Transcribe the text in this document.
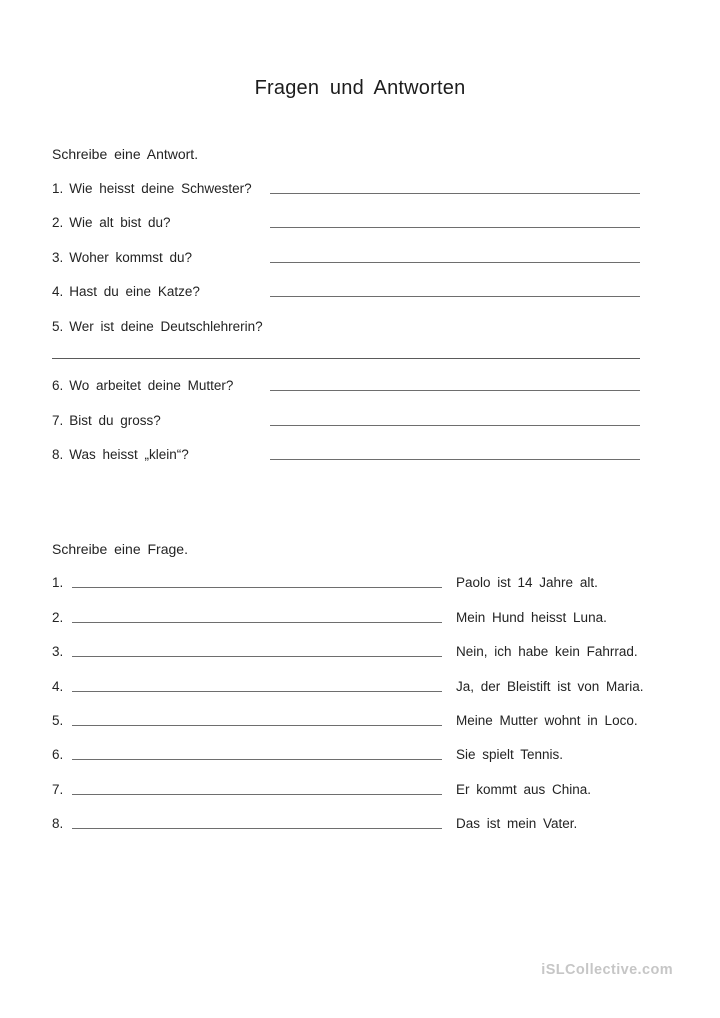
Fragen und Antworten
Schreibe eine Antwort.
1. Wie heisst deine Schwester?
2. Wie alt bist du?
3. Woher kommst du?
4. Hast du eine Katze?
5. Wer ist deine Deutschlehrerin?
6. Wo arbeitet deine Mutter?
7. Bist du gross?
8. Was heisst „klein“?
Schreibe eine Frage.
1.	Paolo ist 14 Jahre alt.
2.	Mein Hund heisst Luna.
3.	Nein, ich habe kein Fahrrad.
4.	Ja, der Bleistift ist von Maria.
5.	Meine Mutter wohnt in Loco.
6.	Sie spielt Tennis.
7.	Er kommt aus China.
8.	Das ist mein Vater.
iSLCollective.com
